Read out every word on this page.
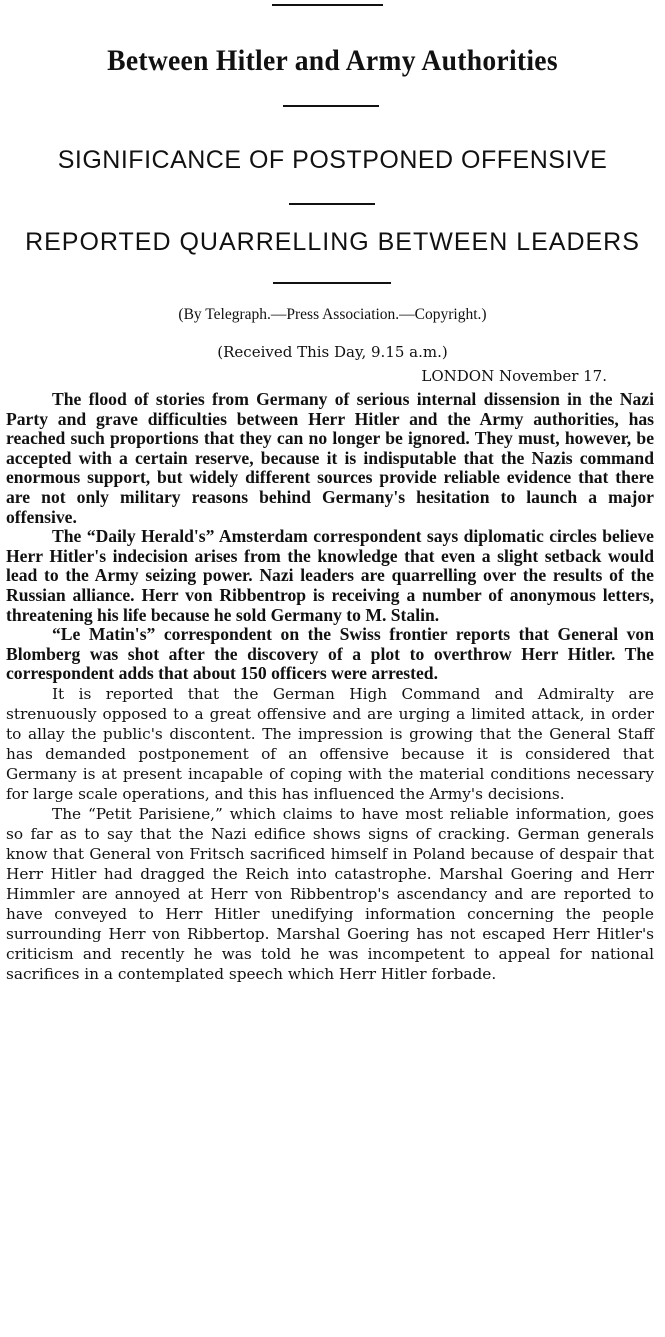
Between Hitler and Army Authorities
SIGNIFICANCE OF POSTPONED OFFENSIVE
REPORTED QUARRELLING BETWEEN LEADERS
(By Telegraph.—Press Association.—Copyright.)
(Received This Day, 9.15 a.m.)
LONDON November 17.

The flood of stories from Germany of serious internal dissension in the Nazi Party and grave difficulties between Herr Hitler and the Army authorities, has reached such proportions that they can no longer be ignored. They must, however, be accepted with a certain reserve, because it is indisputable that the Nazis command enormous support, but widely different sources provide reliable evidence that there are not only military reasons behind Germany's hesitation to launch a major offensive.

The “Daily Herald's” Amsterdam correspondent says diplomatic circles believe Herr Hitler's indecision arises from the knowledge that even a slight setback would lead to the Army seizing power. Nazi leaders are quarrelling over the results of the Russian alliance. Herr von Ribbentrop is receiving a number of anonymous letters, threatening his life because he sold Germany to M. Stalin.

“Le Matin's” correspondent on the Swiss frontier reports that General von Blomberg was shot after the discovery of a plot to overthrow Herr Hitler. The correspondent adds that about 150 officers were arrested.

It is reported that the German High Command and Admiralty are strenuously opposed to a great offensive and are urging a limited attack, in order to allay the public's discontent. The impression is growing that the General Staff has demanded postponement of an offensive because it is considered that Germany is at present incapable of coping with the material conditions necessary for large scale operations, and this has influenced the Army's decisions.

The “Petit Parisiene,” which claims to have most reliable information, goes so far as to say that the Nazi edifice shows signs of cracking. German generals know that General von Fritsch sacrificed himself in Poland because of despair that Herr Hitler had dragged the Reich into catastrophe. Marshal Goering and Herr Himmler are annoyed at Herr von Ribbentrop's ascendancy and are reported to have conveyed to Herr Hitler unedifying information concerning the people surrounding Herr von Ribbertop. Marshal Goering has not escaped Herr Hitler's criticism and recently he was told he was incompetent to appeal for national sacrifices in a contemplated speech which Herr Hitler forbade.
